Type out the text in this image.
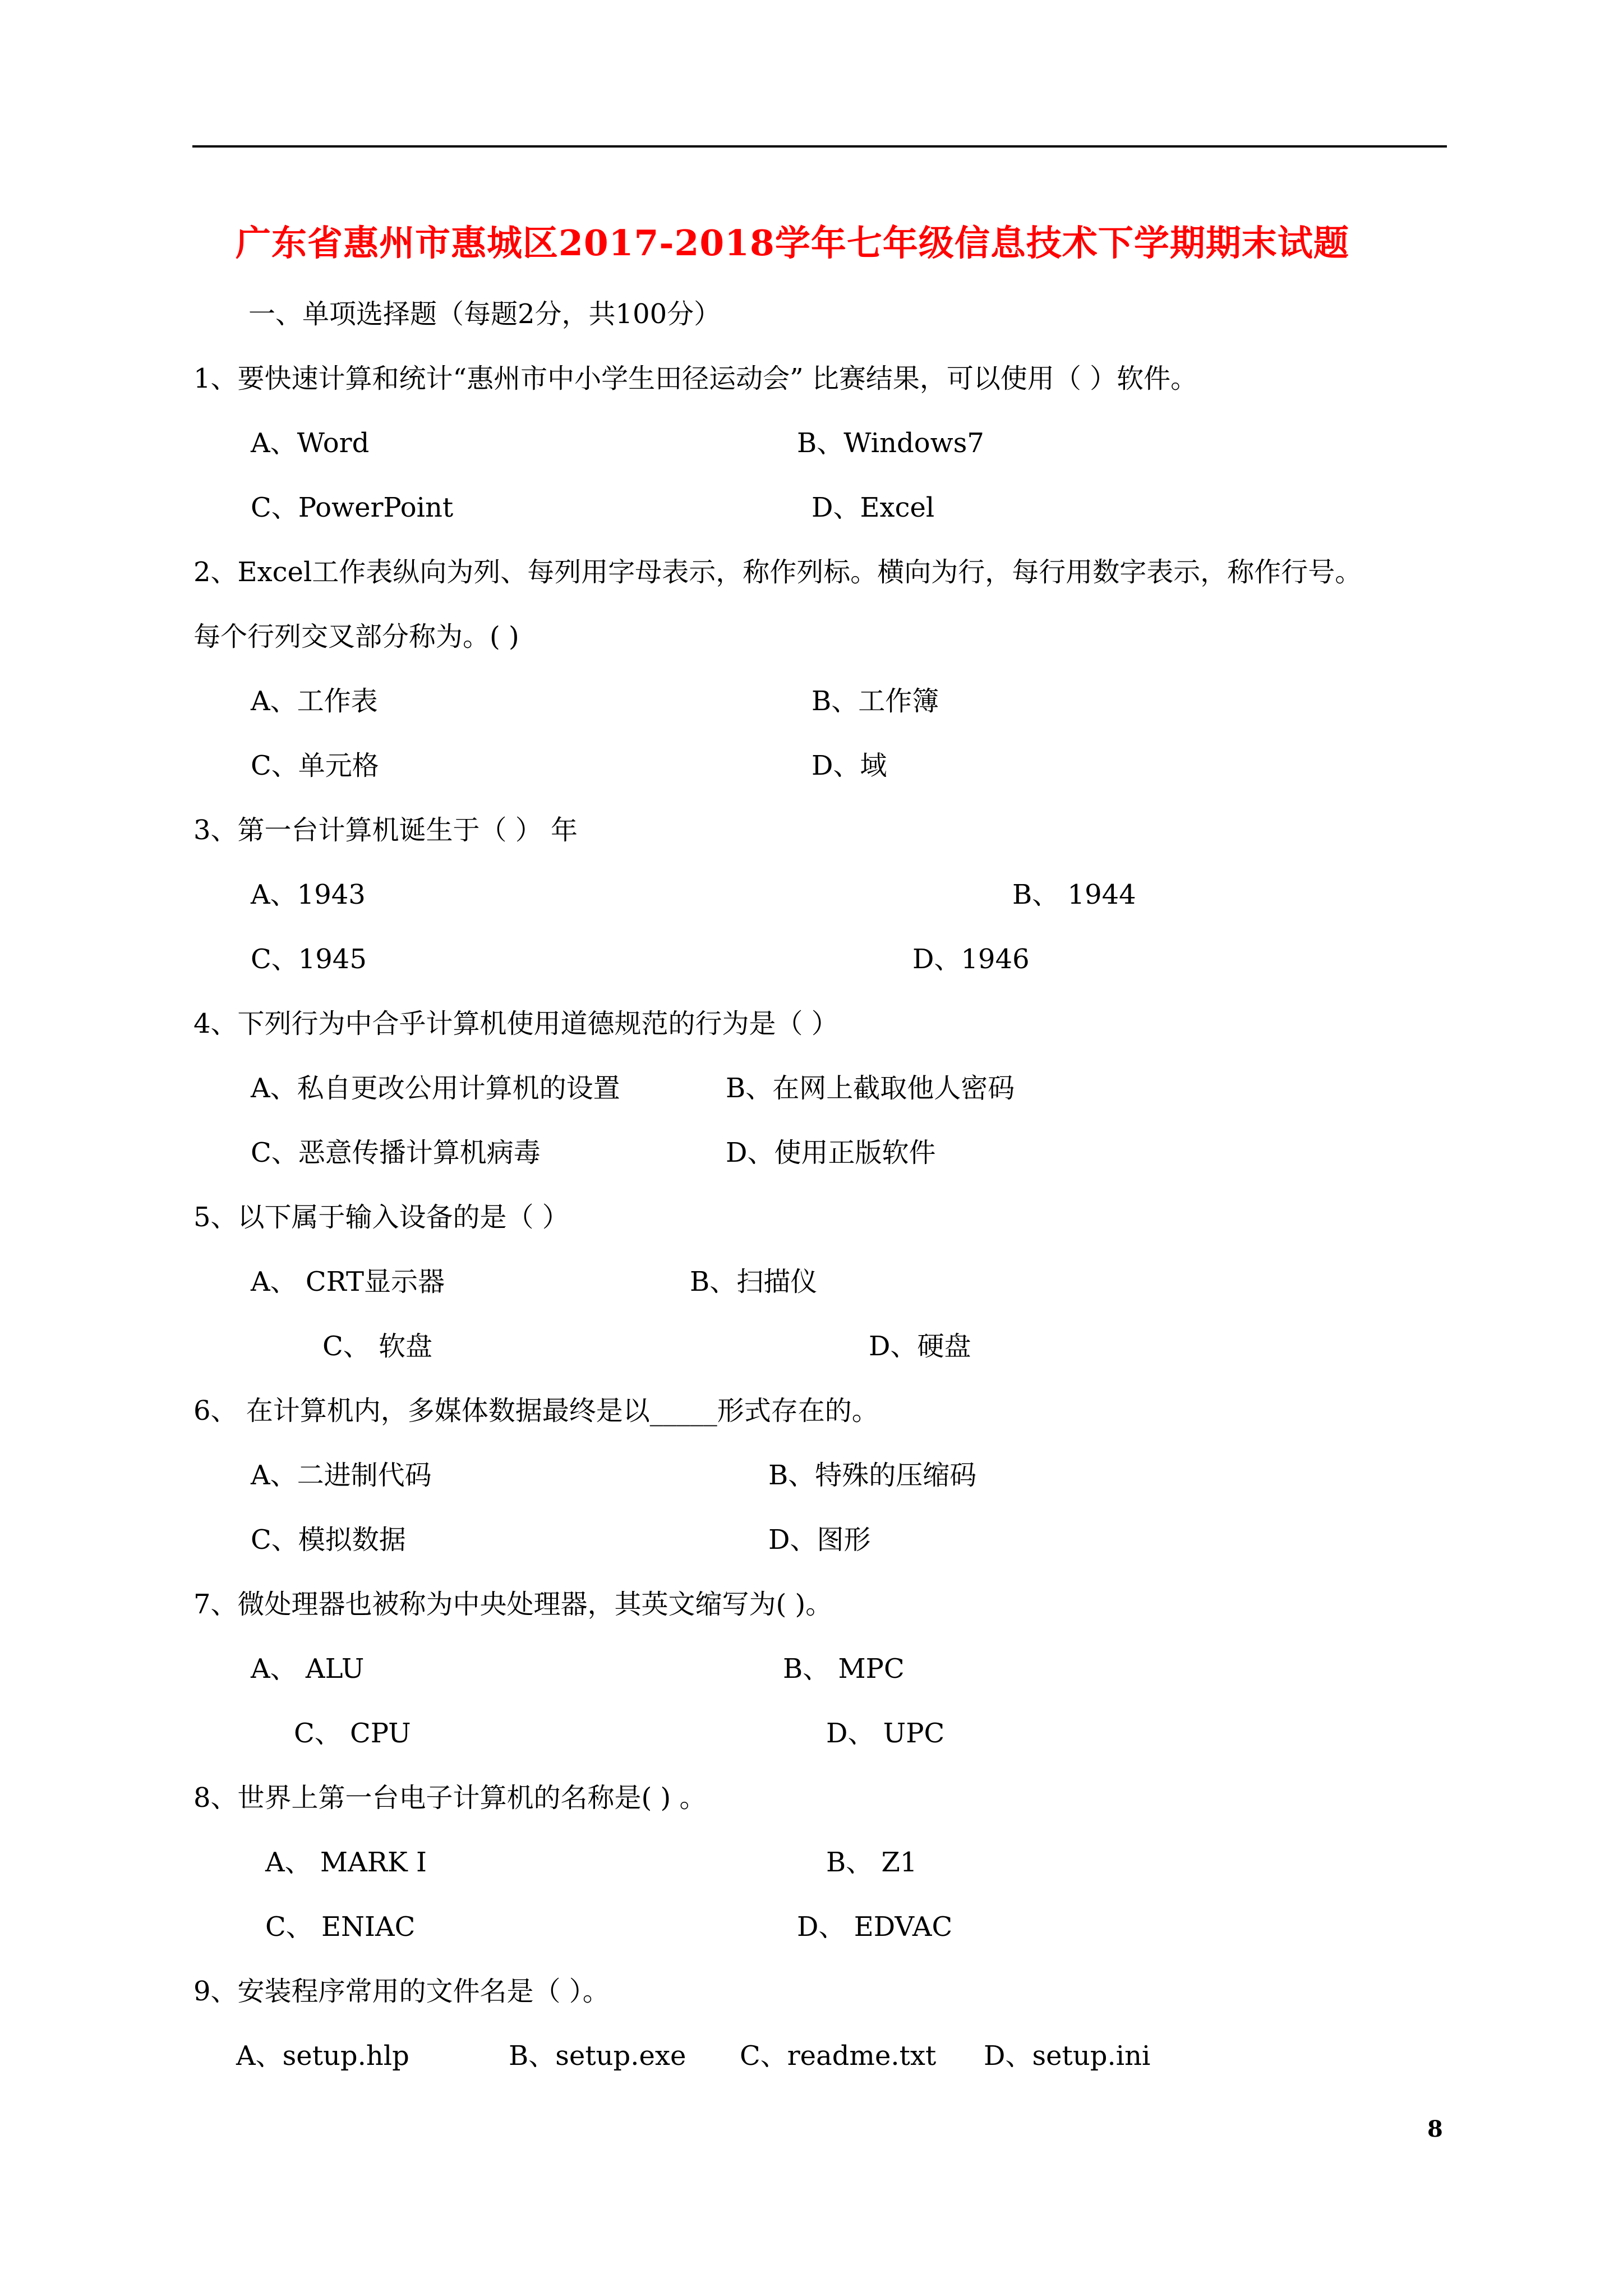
广东省惠州市惠城区2017-2018学年七年级信息技术下学期期末试题
一、单项选择题（每题2分，共100分）
1、要快速计算和统计“惠州市中小学生田径运动会” 比赛结果，可以使用（ ）软件。
A、Word	B、Windows7
C、PowerPoint	D、Excel
2、Excel工作表纵向为列、每列用字母表示，称作列标。横向为行，每行用数字表示，称作行号。
每个行列交叉部分称为。( )
A、工作表	B、工作簿
C、单元格	D、域
3、第一台计算机诞生于（ ） 年
A、1943	B、 1944
C、1945	D、1946
4、下列行为中合乎计算机使用道德规范的行为是（ ）
A、私自更改公用计算机的设置	B、在网上截取他人密码
C、恶意传播计算机病毒	D、使用正版软件
5、以下属于输入设备的是（ ）
A、 CRT显示器	B、扫描仪
C、 软盘	D、硬盘
6、 在计算机内，多媒体数据最终是以_____形式存在的。
A、二进制代码	B、特殊的压缩码
C、模拟数据	D、图形
7、微处理器也被称为中央处理器，其英文缩写为( )。
A、 ALU	B、 MPC
C、 CPU	D、 UPC
8、世界上第一台电子计算机的名称是( ) 。
A、 MARK I	B、 Z1
C、 ENIAC	D、 EDVAC
9、安装程序常用的文件名是（ ）。
A、setup.hlp	B、setup.exe C、readme.txt D、setup.ini
8
